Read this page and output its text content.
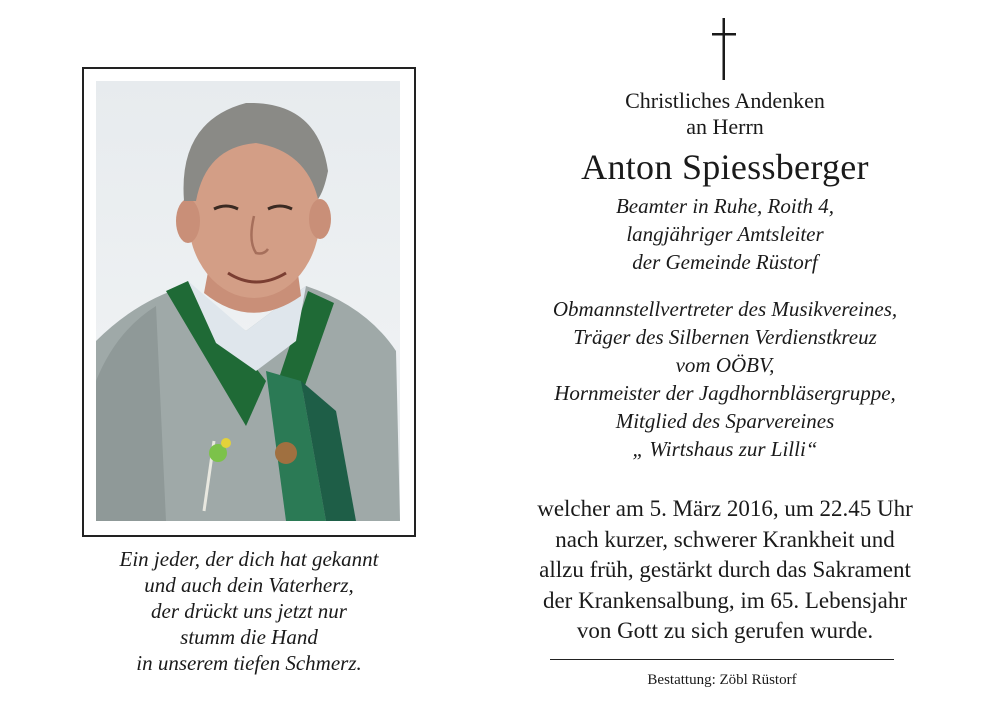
Ein jeder, der dich hat gekannt
und auch dein Vaterherz,
der drückt uns jetzt nur
stumm die Hand
in unserem tiefen Schmerz.
Christliches Andenken
an Herrn
Anton Spiessberger
Beamter in Ruhe, Roith 4,
langjähriger Amtsleiter
der Gemeinde Rüstorf
Obmannstellvertreter des Musikvereines,
Träger des Silbernen Verdienstkreuz
vom OÖBV,
Hornmeister der Jagdhornbläsergruppe,
Mitglied des Sparvereines
„ Wirtshaus zur Lilli“
welcher am 5. März 2016, um 22.45 Uhr
nach kurzer, schwerer Krankheit und
allzu früh, gestärkt durch das Sakrament
der Krankensalbung, im 65. Lebensjahr
von Gott zu sich gerufen wurde.
Bestattung: Zöbl Rüstorf
